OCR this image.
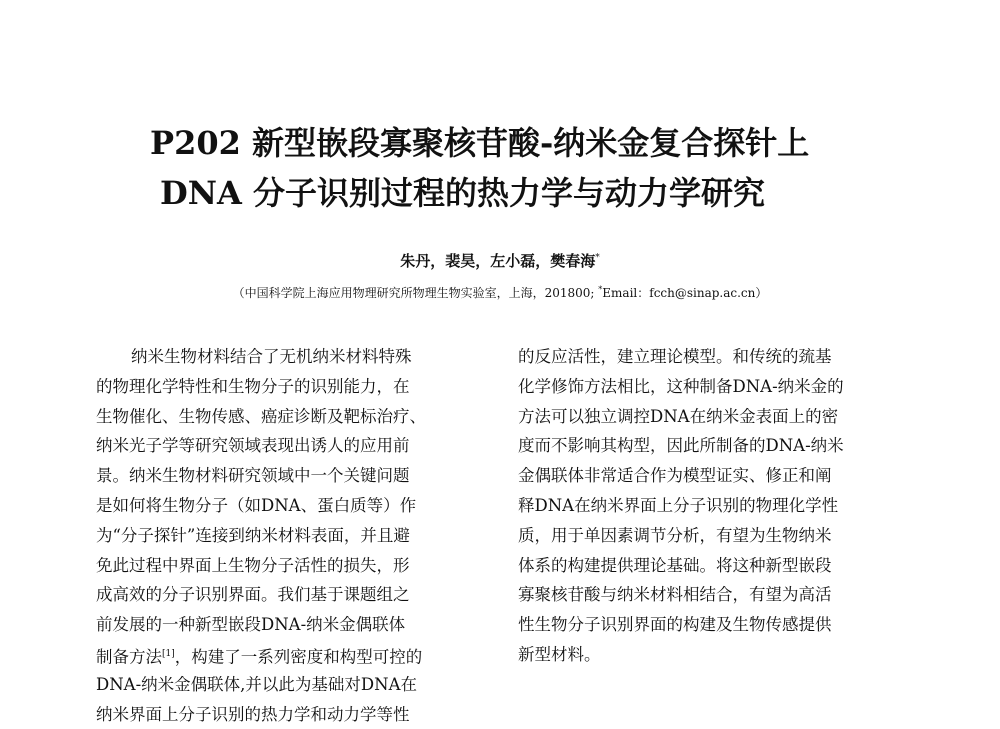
P202 新型嵌段寡聚核苷酸-纳米金复合探针上
DNA 分子识别过程的热力学与动力学研究
朱丹，裴昊，左小磊，樊春海*
（中国科学院上海应用物理研究所物理生物实验室，上海，201800; *Email：fcch@sinap.ac.cn）
纳米生物材料结合了无机纳米材料特殊
的物理化学特性和生物分子的识别能力，在
生物催化、生物传感、癌症诊断及靶标治疗、
纳米光子学等研究领域表现出诱人的应用前
景。纳米生物材料研究领域中一个关键问题
是如何将生物分子（如DNA、蛋白质等）作
为“分子探针”连接到纳米材料表面，并且避
免此过程中界面上生物分子活性的损失，形
成高效的分子识别界面。我们基于课题组之
前发展的一种新型嵌段DNA-纳米金偶联体
制备方法[1]，构建了一系列密度和构型可控的
DNA-纳米金偶联体,并以此为基础对DNA在
纳米界面上分子识别的热力学和动力学等性
的反应活性，建立理论模型。和传统的巯基
化学修饰方法相比，这种制备DNA-纳米金的
方法可以独立调控DNA在纳米金表面上的密
度而不影响其构型，因此所制备的DNA-纳米
金偶联体非常适合作为模型证实、修正和阐
释DNA在纳米界面上分子识别的物理化学性
质，用于单因素调节分析，有望为生物纳米
体系的构建提供理论基础。将这种新型嵌段
寡聚核苷酸与纳米材料相结合，有望为高活
性生物分子识别界面的构建及生物传感提供
新型材料。
